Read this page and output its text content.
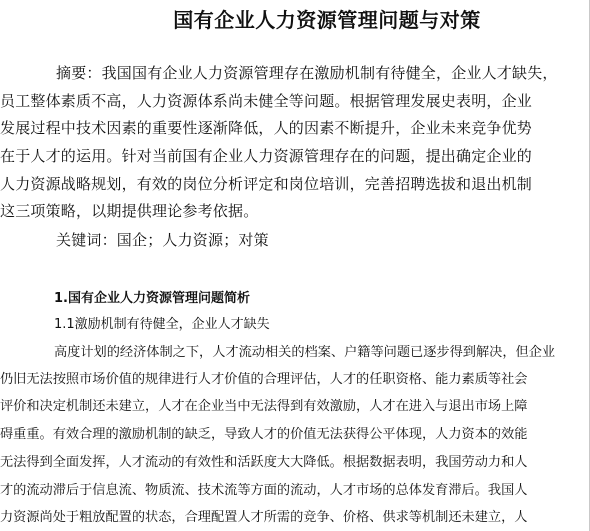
国有企业人力资源管理问题与对策
摘要：我国国有企业人力资源管理存在激励机制有待健全，企业人才缺失，
员工整体素质不高，人力资源体系尚未健全等问题。根据管理发展史表明，企业
发展过程中技术因素的重要性逐渐降低，人的因素不断提升，企业未来竞争优势
在于人才的运用。针对当前国有企业人力资源管理存在的问题，提出确定企业的
人力资源战略规划，有效的岗位分析评定和岗位培训，完善招聘选拔和退出机制
这三项策略，以期提供理论参考依据。
关键词：国企；人力资源；对策
1.国有企业人力资源管理问题简析
1.1激励机制有待健全，企业人才缺失
高度计划的经济体制之下，人才流动相关的档案、户籍等问题已逐步得到解决，但企业
仍旧无法按照市场价值的规律进行人才价值的合理评估，人才的任职资格、能力素质等社会
评价和决定机制还未建立，人才在企业当中无法得到有效激励，人才在进入与退出市场上障
碍重重。有效合理的激励机制的缺乏，导致人才的价值无法获得公平体现，人力资本的效能
无法得到全面发挥，人才流动的有效性和活跃度大大降低。根据数据表明，我国劳动力和人
才的流动滞后于信息流、物质流、技术流等方面的流动，人才市场的总体发育滞后。我国人
力资源尚处于粗放配置的状态，合理配置人才所需的竞争、价格、供求等机制还未建立，人
